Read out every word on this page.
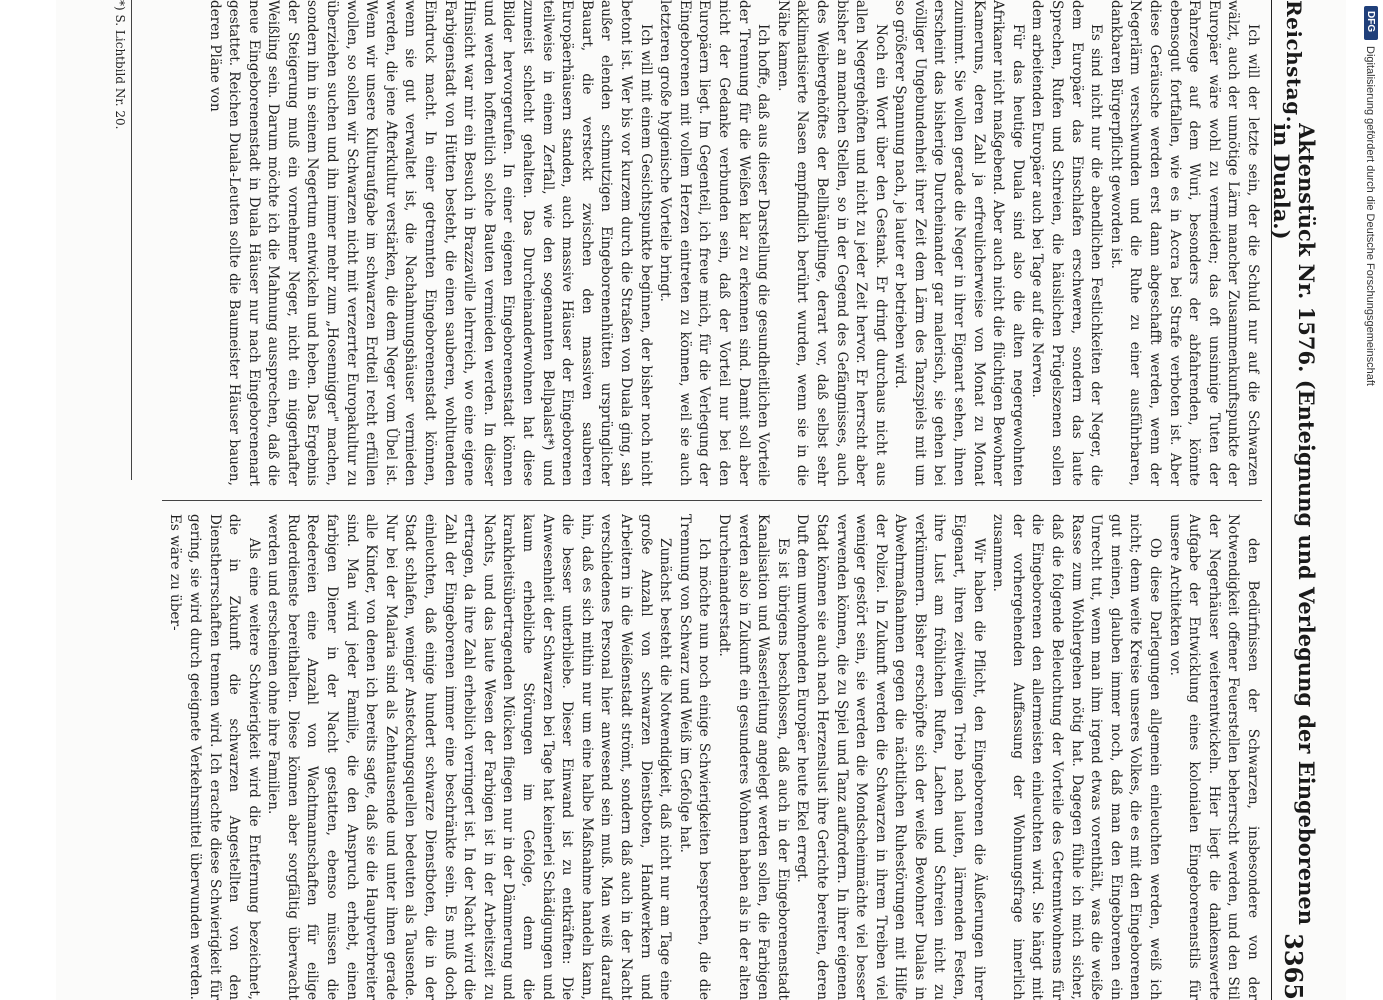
Reichstag.
Aktenstück Nr. 1576. (Enteignung und Verlegung der Eingeborenen in Duala.)
3365

Ich will der letzte sein, der die Schuld nur auf die Schwarzen wälzt, auch der unnötige Lärm mancher Zusammenkunftspunkte der Europäer wäre wohl zu vermeiden; das oft unsinnige Tuten der Fahrzeuge auf dem Wuri, besonders der abfahrenden, könnte ebensogut fortfallen, wie es in Accra bei Strafe verboten ist. Aber diese Geräusche werden erst dann abgeschafft werden, wenn der Negerlärm verschwunden und die Ruhe zu einer ausführbaren, dankbaren Bürgerpflicht geworden ist.

Es sind nicht nur die abendlichen Festlichkeiten der Neger, die dem Europäer das Einschlafen erschweren, sondern das laute Sprechen, Rufen und Schreien, die häuslichen Prügelszenen sollen dem arbeitenden Europäer auch bei Tage auf die Nerven.

Für das heutige Duala sind also die alten negergewohnten Afrikaner nicht maßgebend. Aber auch nicht die flüchtigen Bewohner Kameruns, deren Zahl ja erfreulicherweise von Monat zu Monat zunimmt. Sie wollen gerade die Neger in ihrer Eigenart sehen, ihnen erscheint das bisherige Durcheinander gar malerisch, sie gehen bei völliger Ungebundenheit ihrer Zeit dem Lärm des Tanzspiels mit um so größerer Spannung nach, je lauter er betrieben wird.

Noch ein Wort über den Gestank. Er dringt durchaus nicht aus allen Negergehöften und nicht zu jeder Zeit hervor. Er herrscht aber bisher an manchen Stellen, so in der Gegend des Gefängnisses, auch des Weibergehöftes der Bellhäuptlinge, derart vor, daß selbst sehr akklimatisierte Nasen empfindlich berührt wurden, wenn sie in die Nähe kamen.

Ich hoffe, daß aus dieser Darstellung die gesundheitlichen Vorteile der Trennung für die Weißen klar zu erkennen sind. Damit soll aber nicht der Gedanke verbunden sein, daß der Vorteil nur bei den Europäern liegt. Im Gegenteil, ich freue mich, für die Verlegung der Eingeborenen mit vollem Herzen eintreten zu können, weil sie auch letzteren große hygienische Vorteile bringt.

Ich will mit einem Gesichtspunkte beginnen, der bisher noch nicht betont ist. Wer bis vor kurzem durch die Straßen von Duala ging, sah außer elenden schmutzigen Eingeborenenhütten ursprünglicher Bauart, die versteckt zwischen den massiven sauberen Europäerhäusern standen, auch massive Häuser der Eingeborenen teilweise in einem Zerfall, wie den sogenannten Bellpalast*) und zumeist schlecht gehalten. Das Durcheinanderwohnen hat diese Bilder hervorgerufen. In einer eigenen Eingeborenenstadt können und werden hoffentlich solche Bauten vermieden werden. In dieser Hinsicht war mir ein Besuch in Brazzaville lehrreich, wo eine eigene Farbigenstadt von Hütten besteht, die einen sauberen, wohltuenden Eindruck macht. In einer getrennten Eingeborenenstadt können, wenn sie gut verwaltet ist, die Nachahmungshäuser vermieden werden, die jene Afterkultur verstärken, die dem Neger vom Übel ist. Wenn wir unsere Kulturaufgabe im schwarzen Erdteil recht erfüllen wollen, so sollen wir Schwarzen nicht mit verzerrter Europakultur zu überziehen suchen und ihn immer mehr zum „Hosennigger" machen, sondern ihn in seinem Negertum entwickeln und heben. Das Ergebnis der Steigerung muß ein vornehmer Neger, nicht ein niggerhafter Weißling sein. Darum möchte ich die Mahnung aussprechen, daß die neue Eingeborenenstadt in Duala Häuser nur nach Eingeborenenart gestattet. Reichen Duala-Leuten sollte die Baumeister Häuser bauen, deren Pläne von

den Bedürfnissen der Schwarzen, insbesondere von der Notwendigkeit offener Feuerstellen beherrscht werden, und den Stil der Negerhäuser weiterentwickeln. Hier liegt die dankenswerte Aufgabe der Entwicklung eines kolonialen Eingeborenenstils für unsere Architekten vor.

Ob diese Darlegungen allgemein einleuchten werden, weiß ich nicht; denn weite Kreise unseres Volkes, die es mit den Eingeborenen gut meinen, glauben immer noch, daß man den Eingeborenen ein Unrecht tut, wenn man ihm irgend etwas vorenthält, was die weiße Rasse zum Wohlergehen nötig hat. Dagegen fühle ich mich sicher, daß die folgende Beleuchtung der Vorteile des Getrenntwohnens für die Eingeborenen den allermeisten einleuchten wird. Sie hängt mit der vorhergehenden Auffassung der Wohnungsfrage innerlich zusammen.

Wir haben die Pflicht, den Eingeborenen die Äußerungen ihrer Eigenart, ihren zeitweiligen Trieb nach lauten, lärmenden Festen, ihre Lust am fröhlichen Rufen, Lachen und Schreien nicht zu verkümmern. Bisher erschöpfte sich der weiße Bewohner Dualas in Abwehrmaßnahmen gegen die nächtlichen Ruhestörungen mit Hilfe der Polizei. In Zukunft werden die Schwarzen in ihrem Treiben viel weniger gestört sein, sie werden die Mondscheinmächte viel besser verwenden können, die zu Spiel und Tanz auffordern. In ihrer eigenen Stadt können sie auch nach Herzenslust ihre Gerichte bereiten, deren Duft dem umwohnenden Europäer heute Ekel erregt.

Es ist übrigens beschlossen, daß auch in der Eingeborenenstadt Kanalisation und Wasserleitung angelegt werden sollen, die Farbigen werden also in Zukunft ein gesunderes Wohnen haben als in der alten Durcheinanderstadt.

Ich möchte nun noch einige Schwierigkeiten besprechen, die die Trennung von Schwarz und Weiß im Gefolge hat.

Zunächst besteht die Notwendigkeit, daß nicht nur am Tage eine große Anzahl von schwarzen Dienstboten, Handwerkern und Arbeitern in die Weißenstadt strömt, sondern daß auch in der Nacht verschiedenes Personal hier anwesend sein muß. Man weiß darauf hin, daß es sich mithin nur um eine halbe Maßnahme handeln kann, die besser unterbliebe. Dieser Einwand ist zu entkräften: Die Anwesenheit der Schwarzen bei Tage hat keinerlei Schädigungen und kaum erhebliche Störungen im Gefolge, denn die krankheitsübertragenden Mücken fliegen nur in der Dämmerung und Nachts, und das laute Wesen der Farbigen ist in der Arbeitszeit zu ertragen, da ihre Zahl erheblich verringert ist. In der Nacht wird die Zahl der Eingeborenen immer eine beschränkte sein. Es muß doch einleuchten, daß einige hundert schwarze Dienstboten, die in der Stadt schlafen, weniger Ansteckungsquellen bedeuten als Tausende. Nur bei der Malaria sind als Zehntausende und unter ihnen gerade alle Kinder, von denen ich bereits sagte, daß sie die Hauptverbreiter sind. Man wird jeder Familie, die den Anspruch erhebt, einen farbigen Diener in der Nacht gestatten, ebenso müssen die Reedereien eine Anzahl von Wachtmannschaften für eilige Ruderdienste bereithalten. Diese können aber sorgfältig überwacht werden und erscheinen ohne ihre Familien.

Als eine weitere Schwierigkeit wird die Entfernung bezeichnet, die in Zukunft die schwarzen Angestellten von den Dienstherrschaften trennen wird. Ich erachte diese Schwierigkeit für gering, sie wird durch geeignete Verkehrsmittel überwunden werden. Es wäre zu über-

*) S. Lichtbild Nr. 20.	DFG
Digitalisierung gefördert durch die Deutsche Forschungsgemeinschaft
